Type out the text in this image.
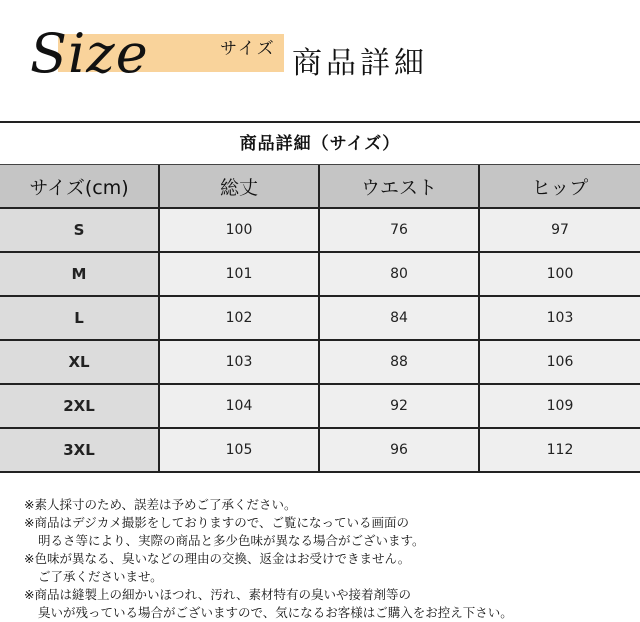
Size	サイズ 商品詳細
商品詳細（サイズ）
サイズ(cm)	総丈	ウエスト	ヒップ
S	100	76	97
M	101	80	100
L	102	84	103
XL	103	88	106
2XL	104	92	109
3XL	105	96	112
※素人採寸のため、誤差は予めご了承ください。
※商品はデジカメ撮影をしておりますので、ご覧になっている画面の
明るさ等により、実際の商品と多少色味が異なる場合がございます。
※色味が異なる、臭いなどの理由の交換、返金はお受けできません。
ご了承くださいませ。
※商品は縫製上の細かいほつれ、汚れ、素材特有の臭いや接着剤等の
臭いが残っている場合がございますので、気になるお客様はご購入をお控え下さい。
